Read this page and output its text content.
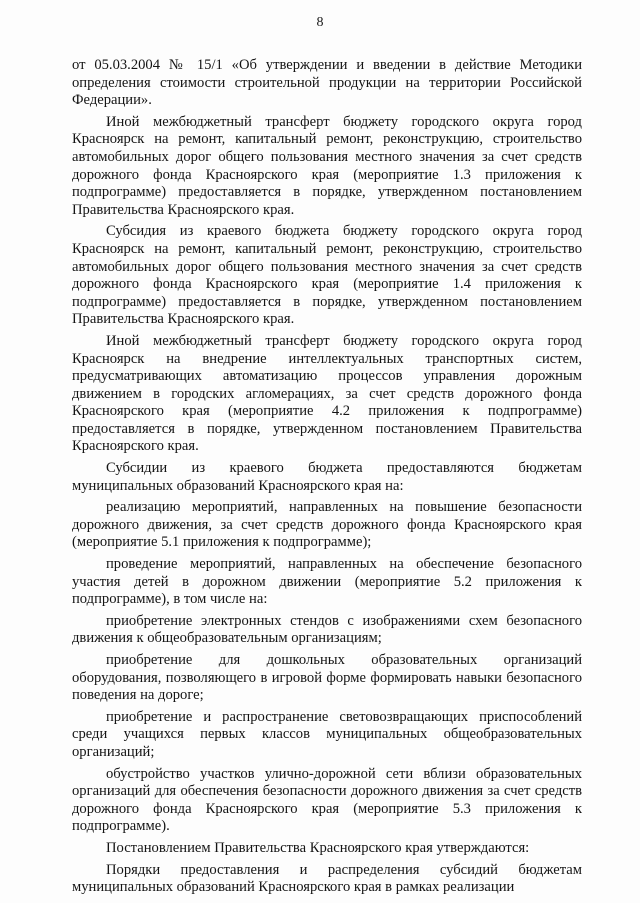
8

от 05.03.2004 № 15/1 «Об утверждении и введении в действие Методики определения стоимости строительной продукции на территории Российской Федерации».

Иной межбюджетный трансферт бюджету городского округа город Красноярск на ремонт, капитальный ремонт, реконструкцию, строительство автомобильных дорог общего пользования местного значения за счет средств дорожного фонда Красноярского края (мероприятие 1.3 приложения к подпрограмме) предоставляется в порядке, утвержденном постановлением Правительства Красноярского края.

Субсидия из краевого бюджета бюджету городского округа город Красноярск на ремонт, капитальный ремонт, реконструкцию, строительство автомобильных дорог общего пользования местного значения за счет средств дорожного фонда Красноярского края (мероприятие 1.4 приложения к подпрограмме) предоставляется в порядке, утвержденном постановлением Правительства Красноярского края.

Иной межбюджетный трансферт бюджету городского округа город Красноярск на внедрение интеллектуальных транспортных систем, предусматривающих автоматизацию процессов управления дорожным движением в городских агломерациях, за счет средств дорожного фонда Красноярского края (мероприятие 4.2 приложения к подпрограмме) предоставляется в порядке, утвержденном постановлением Правительства Красноярского края.

Субсидии из краевого бюджета предоставляются бюджетам муниципальных образований Красноярского края на:

реализацию мероприятий, направленных на повышение безопасности дорожного движения, за счет средств дорожного фонда Красноярского края (мероприятие 5.1 приложения к подпрограмме);

проведение мероприятий, направленных на обеспечение безопасного участия детей в дорожном движении (мероприятие 5.2 приложения к подпрограмме), в том числе на:

приобретение электронных стендов с изображениями схем безопасного движения к общеобразовательным организациям;

приобретение для дошкольных образовательных организаций оборудования, позволяющего в игровой форме формировать навыки безопасного поведения на дороге;

приобретение и распространение световозвращающих приспособлений среди учащихся первых классов муниципальных общеобразовательных организаций;

обустройство участков улично-дорожной сети вблизи образовательных организаций для обеспечения безопасности дорожного движения за счет средств дорожного фонда Красноярского края (мероприятие 5.3 приложения к подпрограмме).

Постановлением Правительства Красноярского края утверждаются:

Порядки предоставления и распределения субсидий бюджетам муниципальных образований Красноярского края в рамках реализации
